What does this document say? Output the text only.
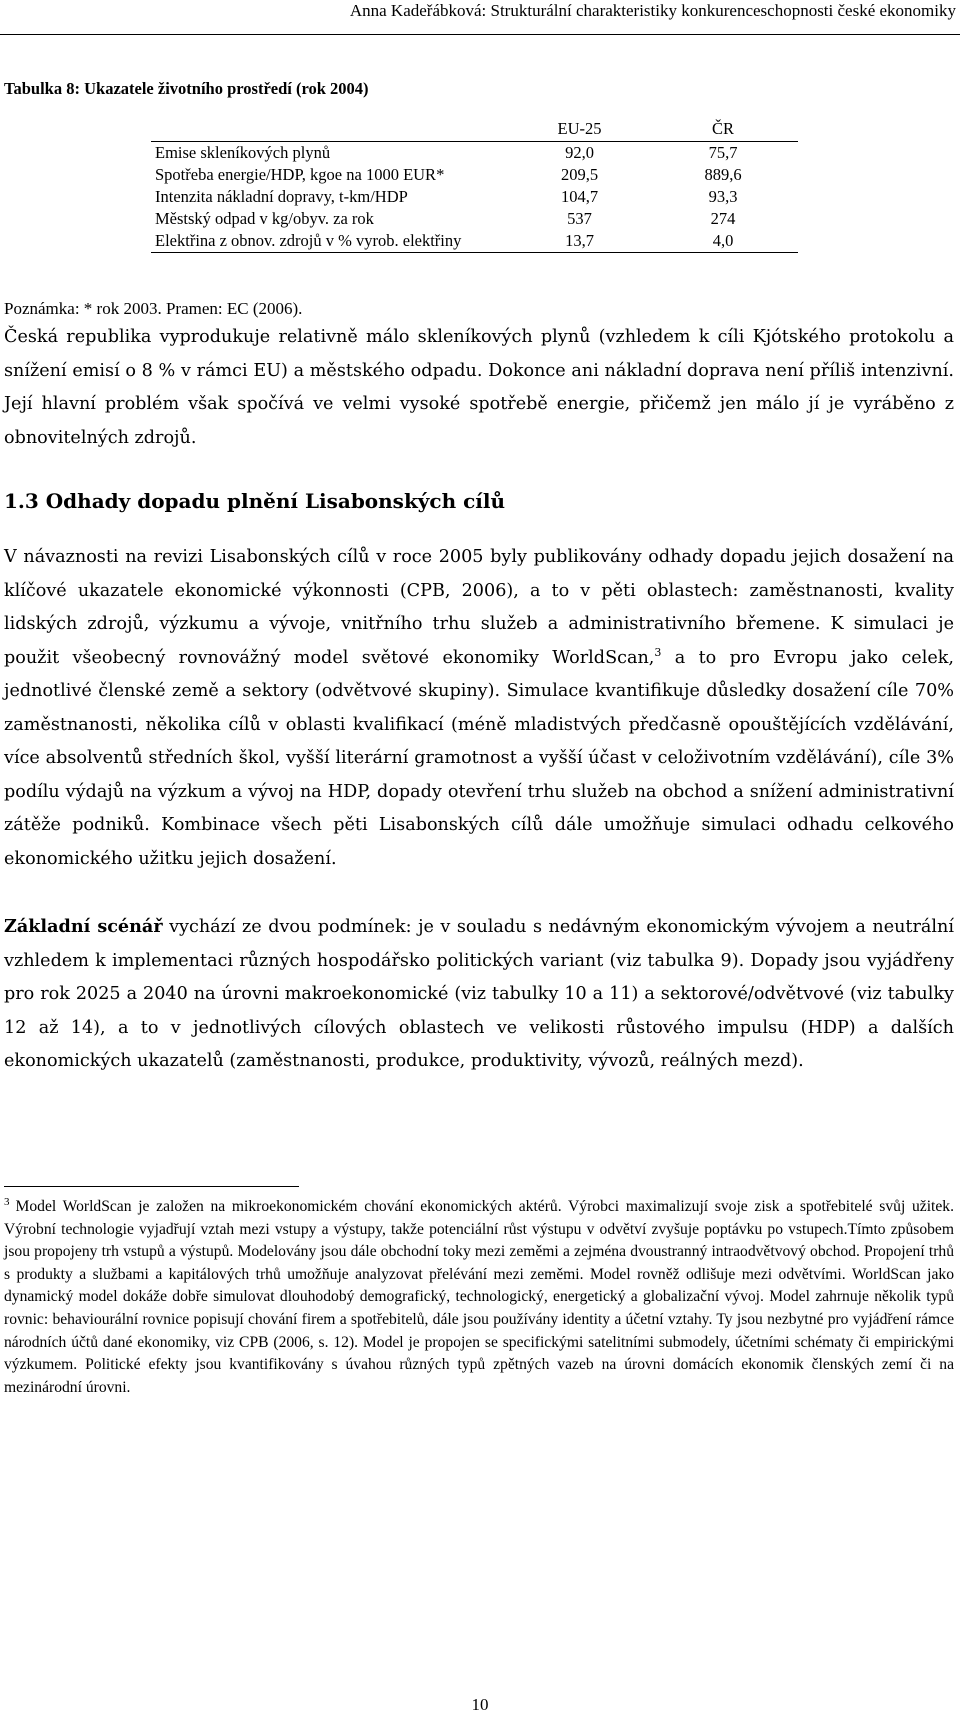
Anna Kadeřábková: Strukturální charakteristiky konkurenceschopnosti české ekonomiky
Tabulka 8: Ukazatele životního prostředí (rok 2004)
	EU-25	ČR
Emise skleníkových plynů	92,0	75,7
Spotřeba energie/HDP, kgoe na 1000 EUR*	209,5	889,6
Intenzita nákladní dopravy, t-km/HDP	104,7	93,3
Městský odpad v kg/obyv. za rok	537	274
Elektřina z obnov. zdrojů v % vyrob. elektřiny	13,7	4,0
Poznámka: * rok 2003. Pramen: EC (2006).

Česká republika vyprodukuje relativně málo skleníkových plynů (vzhledem k cíli Kjótského protokolu a snížení emisí o 8 % v rámci EU) a městského odpadu. Dokonce ani nákladní doprava není příliš intenzivní. Její hlavní problém však spočívá ve velmi vysoké spotřebě energie, přičemž jen málo jí je vyráběno z obnovitelných zdrojů.

1.3 Odhady dopadu plnění Lisabonských cílů

V návaznosti na revizi Lisabonských cílů v roce 2005 byly publikovány odhady dopadu jejich dosažení na klíčové ukazatele ekonomické výkonnosti (CPB, 2006), a to v pěti oblastech: zaměstnanosti, kvality lidských zdrojů, výzkumu a vývoje, vnitřního trhu služeb a administrativního břemene. K simulaci je použit všeobecný rovnovážný model světové ekonomiky WorldScan,$^3$ a to pro Evropu jako celek, jednotlivé členské země a sektory (odvětvové skupiny). Simulace kvantifikuje důsledky dosažení cíle 70% zaměstnanosti, několika cílů v oblasti kvalifikací (méně mladistvých předčasně opouštějících vzdělávání, více absolventů středních škol, vyšší literární gramotnost a vyšší účast v celoživotním vzdělávání), cíle 3% podílu výdajů na výzkum a vývoj na HDP, dopady otevření trhu služeb na obchod a snížení administrativní zátěže podniků. Kombinace všech pěti Lisabonských cílů dále umožňuje simulaci odhadu celkového ekonomického užitku jejich dosažení.

Základní scénář vychází ze dvou podmínek: je v souladu s nedávným ekonomickým vývojem a neutrální vzhledem k implementaci různých hospodářsko politických variant (viz tabulka 9). Dopady jsou vyjádřeny pro rok 2025 a 2040 na úrovni makroekonomické (viz tabulky 10 a 11) a sektorové/odvětvové (viz tabulky 12 až 14), a to v jednotlivých cílových oblastech ve velikosti růstového impulsu (HDP) a dalších ekonomických ukazatelů (zaměstnanosti, produkce, produktivity, vývozů, reálných mezd).

$^3$ Model WorldScan je založen na mikroekonomickém chování ekonomických aktérů. Výrobci maximalizují svoje zisk a spotřebitelé svůj užitek. Výrobní technologie vyjadřují vztah mezi vstupy a výstupy, takže potenciální růst výstupu v odvětví zvyšuje poptávku po vstupech.Tímto způsobem jsou propojeny trh vstupů a výstupů. Modelovány jsou dále obchodní toky mezi zeměmi a zejména dvoustranný intraodvětvový obchod. Propojení trhů s produkty a službami a kapitálových trhů umožňuje analyzovat přelévání mezi zeměmi. Model rovněž odlišuje mezi odvětvími. WorldScan jako dynamický model dokáže dobře simulovat dlouhodobý demografický, technologický, energetický a globalizační vývoj. Model zahrnuje několik typů rovnic: behaviourální rovnice popisují chování firem a spotřebitelů, dále jsou používány identity a účetní vztahy. Ty jsou nezbytné pro vyjádření rámce národních účtů dané ekonomiky, viz CPB (2006, s. 12). Model je propojen se specifickými satelitními submodely, účetními schématy či empirickými výzkumem. Politické efekty jsou kvantifikovány s úvahou různých typů zpětných vazeb na úrovni domácích ekonomik členských zemí či na mezinárodní úrovni.

10
